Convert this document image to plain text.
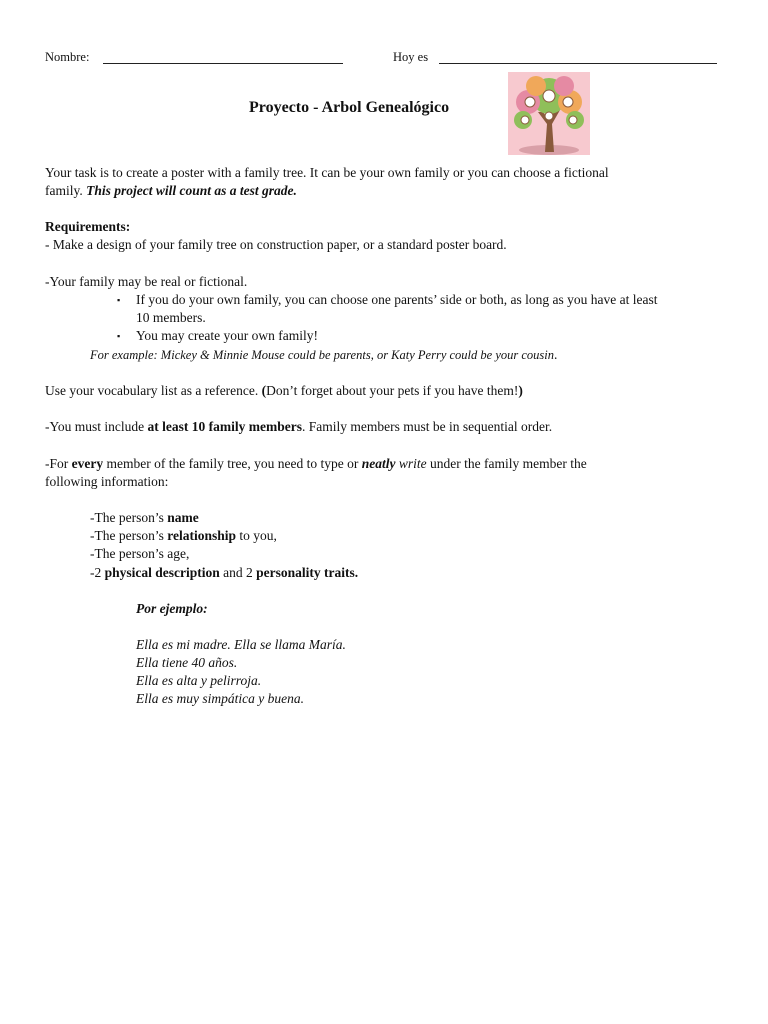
Nombre:	Hoy es
Proyecto - Arbol Genealógico
Your task is to create a poster with a family tree. It can be your own family or you can choose a fictional
family. This project will count as a test grade.
Requirements:
- Make a design of your family tree on construction paper, or a standard poster board.
-Your family may be real or fictional.
▪ If you do your own family, you can choose one parents’ side or both, as long as you have at least
10 members.
▪ You may create your own family!
For example: Mickey & Minnie Mouse could be parents, or Katy Perry could be your cousin.
Use your vocabulary list as a reference. (Don’t forget about your pets if you have them!)
-You must include at least 10 family members. Family members must be in sequential order.
-For every member of the family tree, you need to type or neatly write under the family member the
following information:
-The person’s name
-The person’s relationship to you,
-The person’s age,
-2 physical description and 2 personality traits.
Por ejemplo:
Ella es mi madre. Ella se llama María.
Ella tiene 40 años.
Ella es alta y pelirroja.
Ella es muy simpática y buena.
